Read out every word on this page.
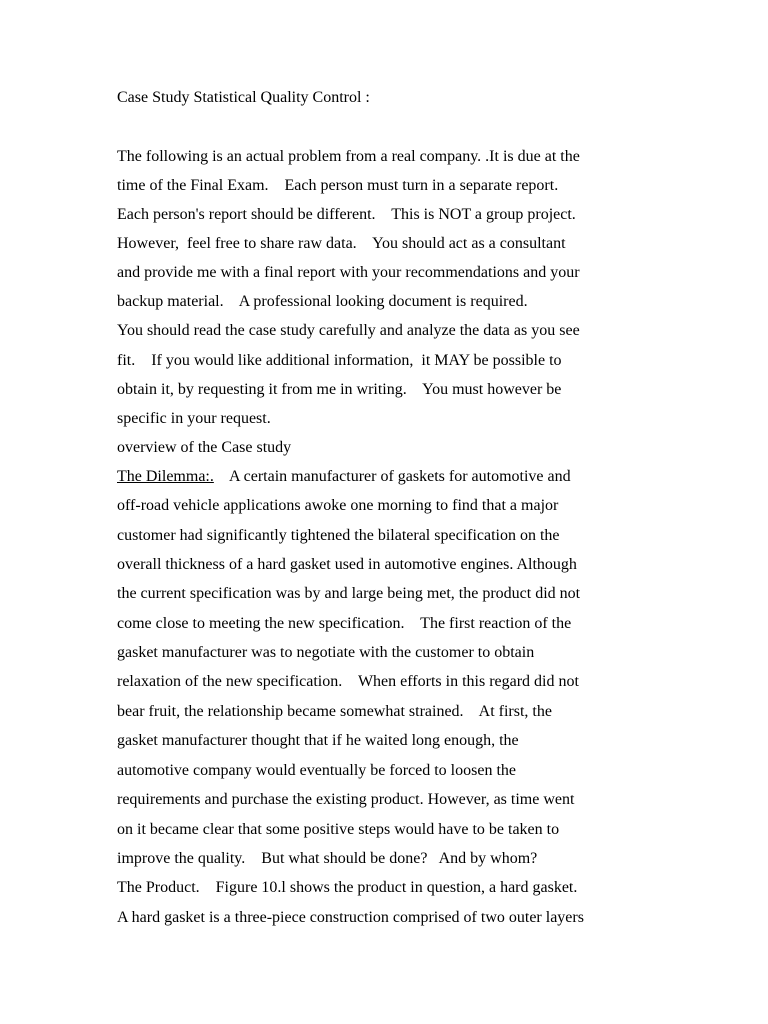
Case Study Statistical Quality Control :

The following is an actual problem from a real company. .It is due at the

time of the Final Exam.    Each person must turn in a separate report.

Each person's report should be different.    This is NOT a group project.

However,  feel free to share raw data.    You should act as a consultant

and provide me with a final report with your recommendations and your

backup material.    A professional looking document is required.

You should read the case study carefully and analyze the data as you see

fit.    If you would like additional information,  it MAY be possible to

obtain it, by requesting it from me in writing.    You must however be

specific in your request.

overview of the Case study

The Dilemma:.    A certain manufacturer of gaskets for automotive and

off-road vehicle applications awoke one morning to find that a major

customer had significantly tightened the bilateral specification on the

overall thickness of a hard gasket used in automotive engines. Although

the current specification was by and large being met, the product did not

come close to meeting the new specification.    The first reaction of the

gasket manufacturer was to negotiate with the customer to obtain

relaxation of the new specification.    When efforts in this regard did not

bear fruit, the relationship became somewhat strained.    At first, the

gasket manufacturer thought that if he waited long enough, the

automotive company would eventually be forced to loosen the

requirements and purchase the existing product. However, as time went

on it became clear that some positive steps would have to be taken to

improve the quality.    But what should be done?   And by whom?

The Product.    Figure 10.l shows the product in question, a hard gasket.

A hard gasket is a three-piece construction comprised of two outer layers
